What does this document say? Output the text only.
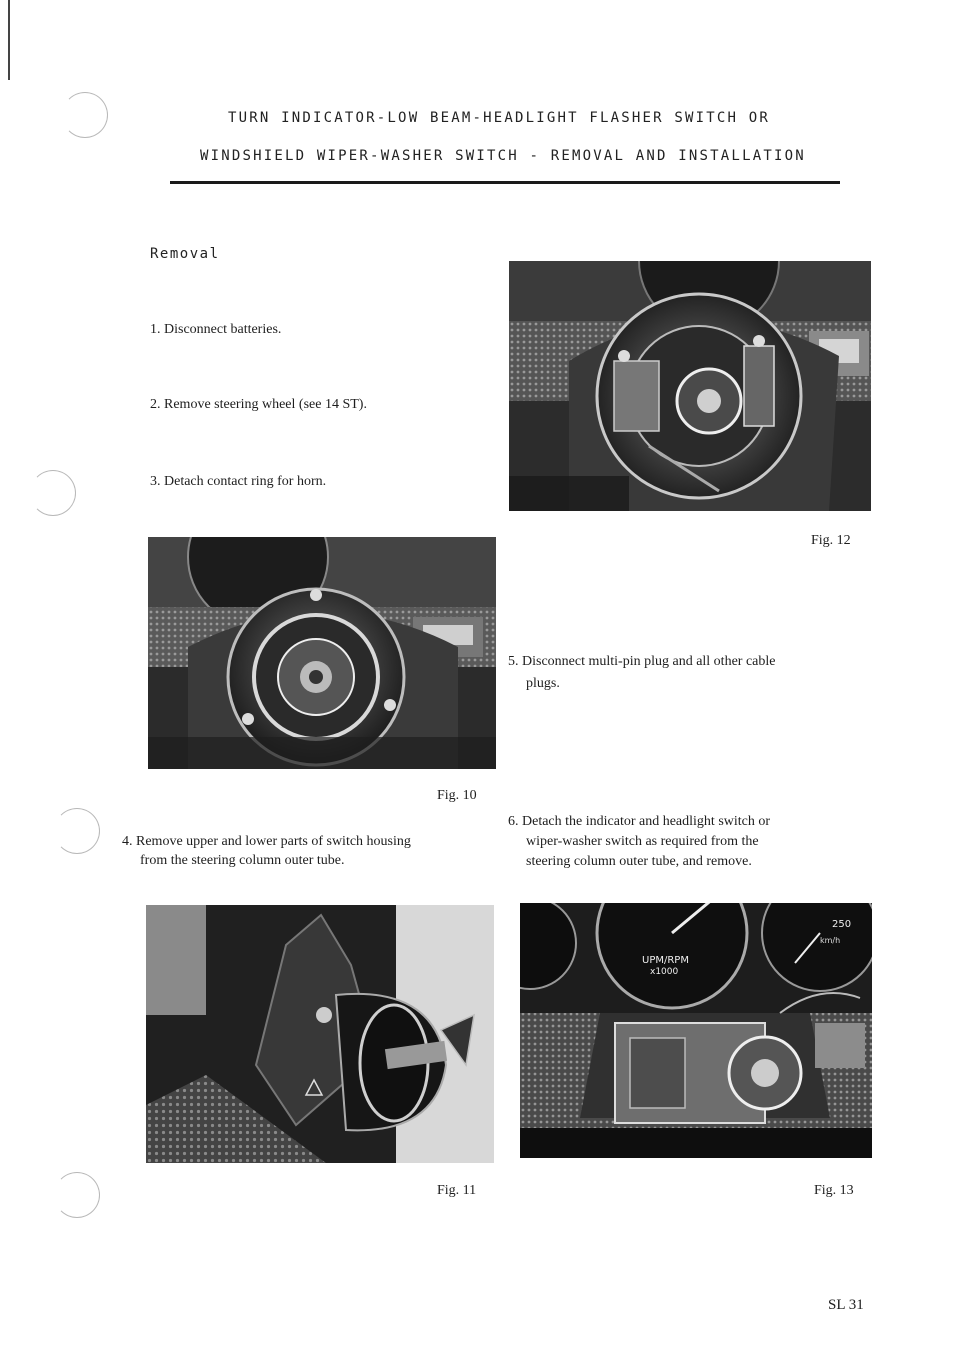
TURN INDICATOR-LOW BEAM-HEADLIGHT FLASHER SWITCH OR
WINDSHIELD WIPER-WASHER SWITCH - REMOVAL AND INSTALLATION
Removal
1. Disconnect batteries.
2. Remove steering wheel (see 14 ST).
3. Detach contact ring for horn.
Fig. 10
4. Remove upper and lower parts of switch housing
from the steering column outer tube.
Fig. 11
Fig. 12
5. Disconnect multi-pin plug and all other cable
plugs.
6. Detach the indicator and headlight switch or
wiper-washer switch as required from the
steering column outer tube, and remove.
UPM/RPM
x1000
250
km/h
Fig. 13
SL 31
